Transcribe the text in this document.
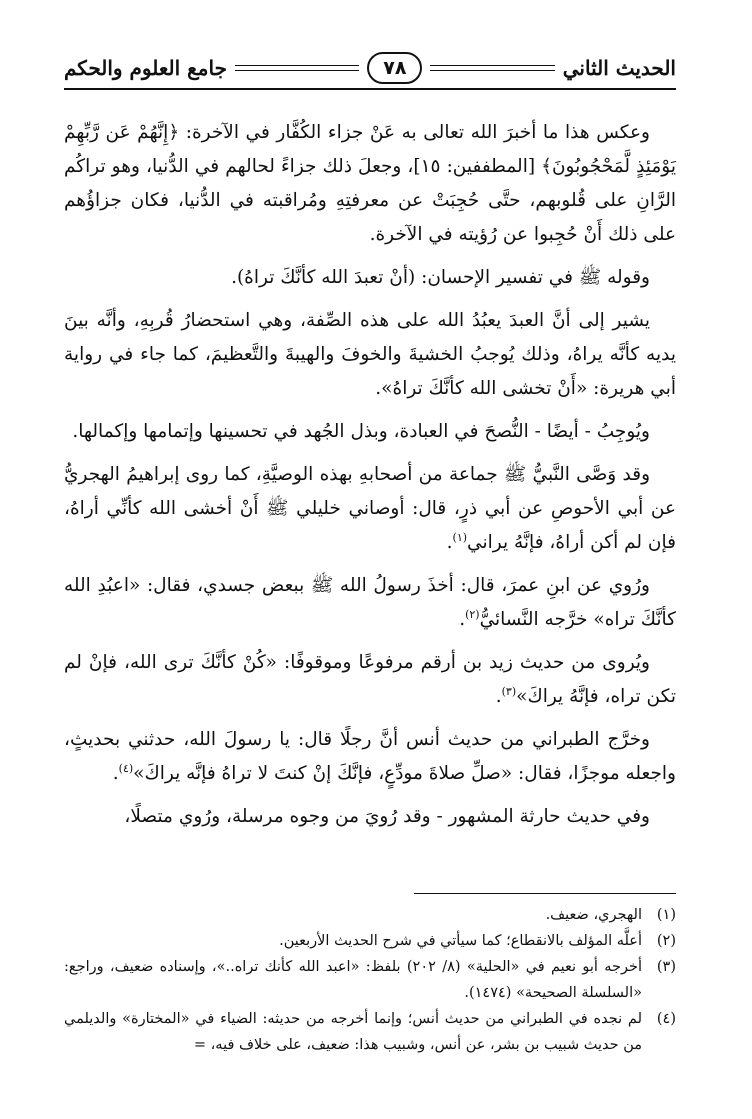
جامع العلوم والحكم	٧٨	الحديث الثاني

وعكس هذا ما أخبرَ الله تعالى به عَنْ جزاء الكُفَّار في الآخرة: ﴿إِنَّهُمْ عَن رَّبِّهِمْ يَوْمَئِذٍ لَّمَحْجُوبُونَ﴾ [المطففين: ١٥]، وجعلَ ذلك جزاءً لحالهم في الدُّنيا، وهو تراكُم الرَّانِ على قُلوبهم، حتَّى حُجِبَتْ عن معرفتِهِ ومُراقبته في الدُّنيا، فكان جزاؤُهم على ذلك أَنْ حُجِبوا عن رُؤيته في الآخرة.

وقوله ﷺ في تفسير الإحسان: (أنْ تعبدَ الله كأنَّكَ تراهُ).

يشير إلى أنَّ العبدَ يعبُدُ الله على هذه الصِّفة، وهي استحضارُ قُربِهِ، وأنَّه بينَ يديه كأنَّه يراهُ، وذلك يُوجبُ الخشيةَ والخوفَ والهيبةَ والتَّعظيمَ، كما جاء في رواية أبي هريرة: «أَنْ تخشى الله كأنَّكَ تراهُ».

ويُوجِبُ - أيضًا - النُّصحَ في العبادة، وبذل الجُهد في تحسينها وإتمامها وإكمالها.

وقد وَصَّى النَّبيُّ ﷺ جماعة من أصحابهِ بهذه الوصيَّةِ، كما روى إبراهيمُ الهجريُّ عن أبي الأحوصِ عن أبي ذرٍ، قال: أوصاني خليلي ﷺ أَنْ أخشى الله كأنِّي أراهُ، فإن لم أكن أراهُ، فإنَّهُ يراني$^{(١)}$.

ورُوي عن ابنِ عمرَ، قال: أخذَ رسولُ الله ﷺ ببعض جسدي، فقال: «اعبُدِ الله كأنَّكَ تراه» خرَّجه النَّسائيُّ$^{(٢)}$.

ويُروى من حديث زيد بن أرقم مرفوعًا وموقوفًا: «كُنْ كأنَّكَ ترى الله، فإنْ لم تكن تراه، فإنَّهُ يراكَ»$^{(٣)}$.

وخرَّج الطبراني من حديث أنس أنَّ رجلًا قال: يا رسولَ الله، حدثني بحديثٍ، واجعله موجزًا، فقال: «صلِّ صلاةَ مودِّعٍ، فإنَّكَ إنْ كنتَ لا تراهُ فإنَّه يراكَ»$^{(٤)}$.

وفي حديث حارثة المشهور - وقد رُويَ من وجوه مرسلة، ورُوي متصلًا،

(١)
الهجري، ضعيف.
(٢)
أعلَّه المؤلف بالانقطاع؛ كما سيأتي في شرح الحديث الأربعين.
(٣)
أخرجه أبو نعيم في «الحلية» (٨/ ٢٠٢) بلفظ: «اعبد الله كأنك تراه..»، وإسناده ضعيف، وراجع: «السلسلة الصحيحة» (١٤٧٤).
(٤)
لم نجده في الطبراني من حديث أنس؛ وإنما أخرجه من حديثه: الضياء في «المختارة» والديلمي من حديث شبيب بن بشر، عن أنس، وشبيب هذا: ضعيف، على خلاف فيه، =
